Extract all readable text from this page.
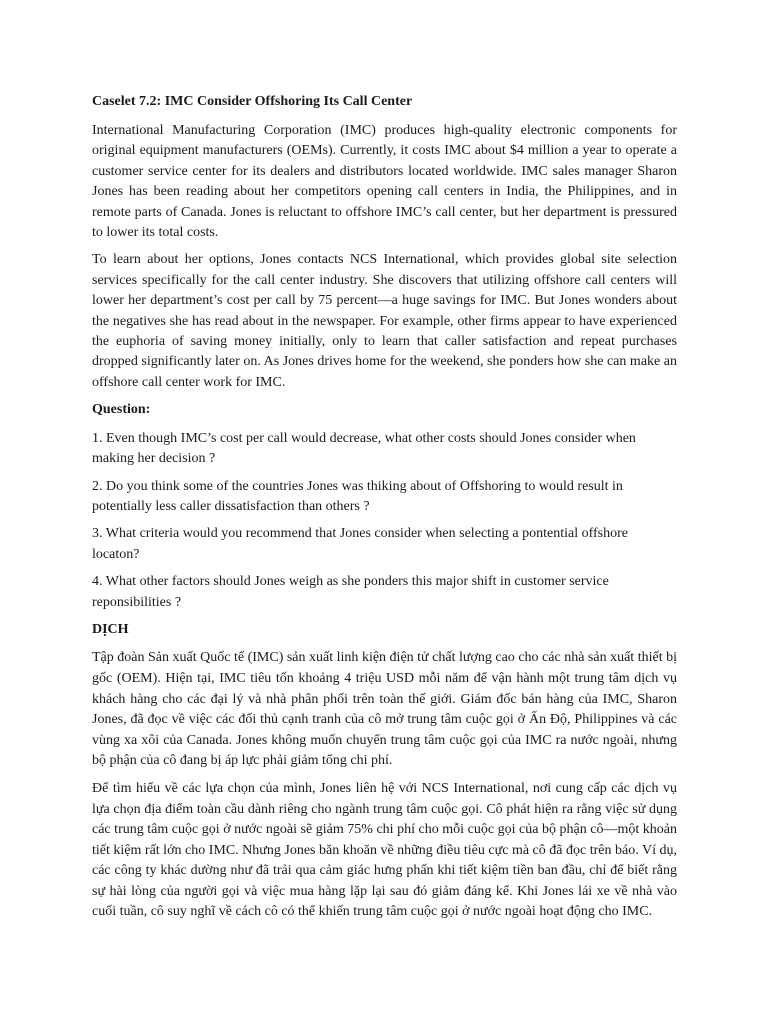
Caselet 7.2: IMC Consider Offshoring Its Call Center

International Manufacturing Corporation (IMC) produces high-quality electronic components for original equipment manufacturers (OEMs). Currently, it costs IMC about $4 million a year to operate a customer service center for its dealers and distributors located worldwide. IMC sales manager Sharon Jones has been reading about her competitors opening call centers in India, the Philippines, and in remote parts of Canada. Jones is reluctant to offshore IMC’s call center, but her department is pressured to lower its total costs.

To learn about her options, Jones contacts NCS International, which provides global site selection services specifically for the call center industry. She discovers that utilizing offshore call centers will lower her department’s cost per call by 75 percent—a huge savings for IMC. But Jones wonders about the negatives she has read about in the newspaper. For example, other firms appear to have experienced the euphoria of saving money initially, only to learn that caller satisfaction and repeat purchases dropped significantly later on. As Jones drives home for the weekend, she ponders how she can make an offshore call center work for IMC.

Question:

1. Even though IMC’s cost per call would decrease, what other costs should Jones consider when making her decision ?

2. Do you think some of the countries Jones was thiking about of Offshoring to would result in potentially less caller dissatisfaction than others ?

3. What criteria would you recommend that Jones consider when selecting a pontential offshore locaton?

4. What other factors should Jones weigh as she ponders this major shift in customer service reponsibilities ?

DỊCH

Tập đoàn Sản xuất Quốc tế (IMC) sản xuất linh kiện điện tử chất lượng cao cho các nhà sản xuất thiết bị gốc (OEM). Hiện tại, IMC tiêu tốn khoảng 4 triệu USD mỗi năm để vận hành một trung tâm dịch vụ khách hàng cho các đại lý và nhà phân phối trên toàn thế giới. Giám đốc bán hàng của IMC, Sharon Jones, đã đọc về việc các đối thủ cạnh tranh của cô mở trung tâm cuộc gọi ở Ấn Độ, Philippines và các vùng xa xôi của Canada. Jones không muốn chuyển trung tâm cuộc gọi của IMC ra nước ngoài, nhưng bộ phận của cô đang bị áp lực phải giảm tổng chi phí.

Để tìm hiểu về các lựa chọn của mình, Jones liên hệ với NCS International, nơi cung cấp các dịch vụ lựa chọn địa điểm toàn cầu dành riêng cho ngành trung tâm cuộc gọi. Cô phát hiện ra rằng việc sử dụng các trung tâm cuộc gọi ở nước ngoài sẽ giảm 75% chi phí cho mỗi cuộc gọi của bộ phận cô—một khoản tiết kiệm rất lớn cho IMC. Nhưng Jones băn khoăn về những điều tiêu cực mà cô đã đọc trên báo. Ví dụ, các công ty khác dường như đã trải qua cảm giác hưng phấn khi tiết kiệm tiền ban đầu, chỉ để biết rằng sự hài lòng của người gọi và việc mua hàng lặp lại sau đó giảm đáng kể. Khi Jones lái xe về nhà vào cuối tuần, cô suy nghĩ về cách cô có thể khiến trung tâm cuộc gọi ở nước ngoài hoạt động cho IMC.
